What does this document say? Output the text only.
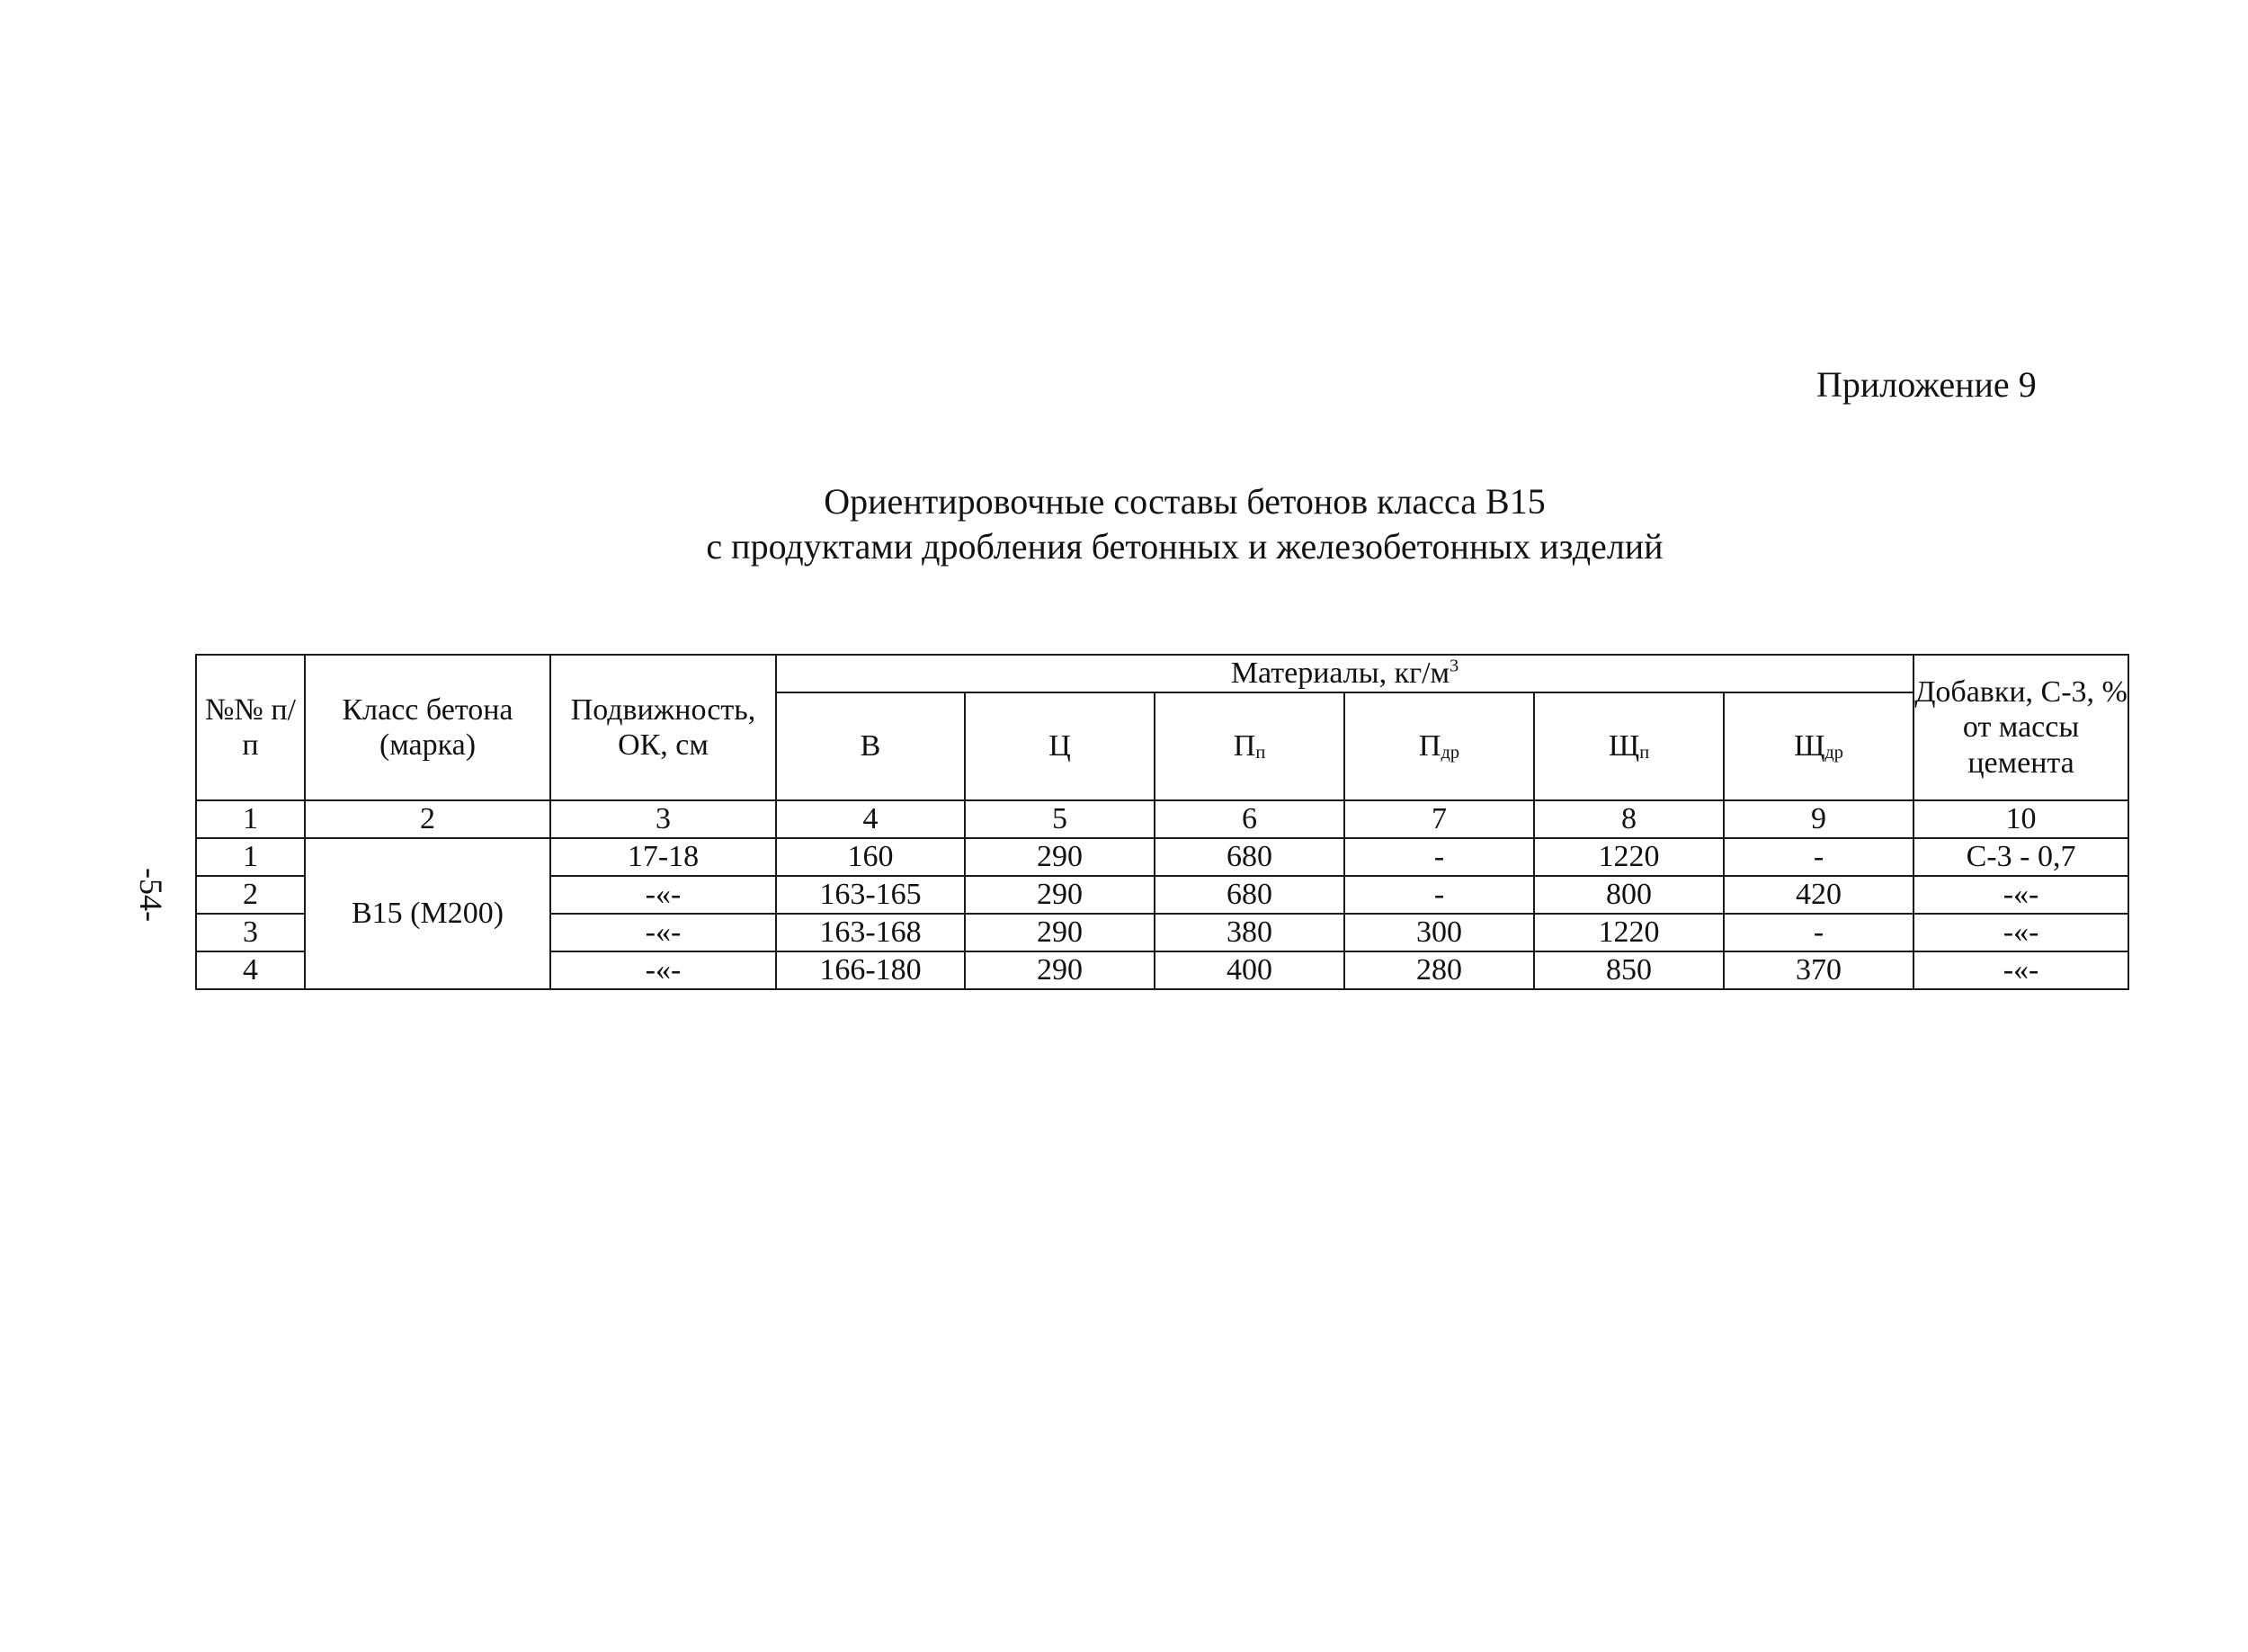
Приложение 9
Ориентировочные составы бетонов класса В15
с продуктами дробления бетонных и железобетонных изделий
-54-
№№ п/п	Класс бетона (марка)	Подвижность, ОК, см	Материалы, $кг/м^3$						Добавки, С-3, % от массы цемента
			В	Ц	$П_п$	$П_{др}$	$Щ_п$	$Щ_{др}$
1	2	3	4	5	6	7	8	9	10
1	В15 (М200)	17-18	160	290	680	-	1220	-	С-3 - 0,7
2		-«-	163-165	290	680	-	800	420	-«-
3		-«-	163-168	290	380	300	1220	-	-«-
4		-«-	166-180	290	400	280	850	370	-«-
